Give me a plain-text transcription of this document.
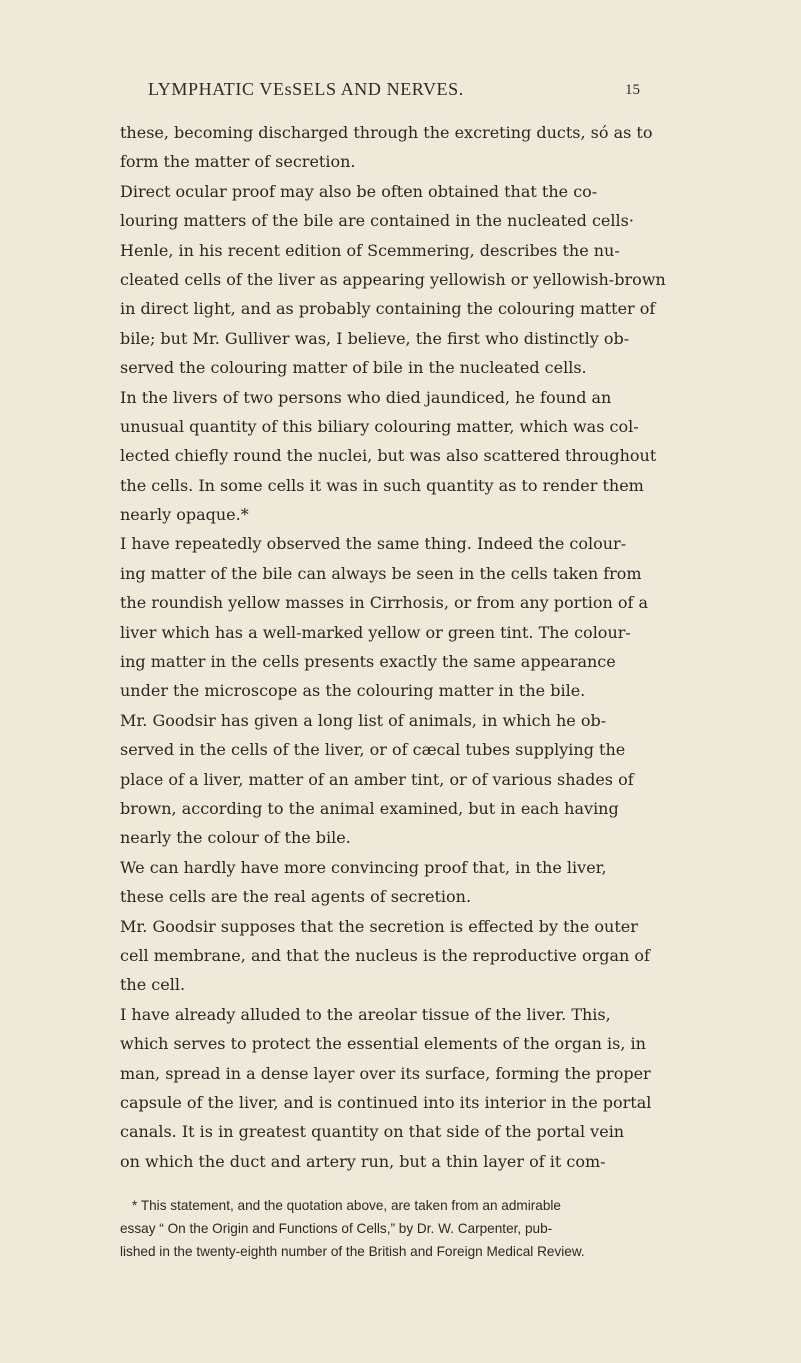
LYMPHATIC VEsSELS AND NERVES.	15
these, becoming discharged through the excreting ducts, só as to
form the matter of secretion.
Direct ocular proof may also be often obtained that the co-
louring matters of the bile are contained in the nucleated cells·
Henle, in his recent edition of Scemmering, describes the nu-
cleated cells of the liver as appearing yellowish or yellowish-brown
in direct light, and as probably containing the colouring matter of
bile; but Mr. Gulliver was, I believe, the first who distinctly ob-
served the colouring matter of bile in the nucleated cells.
In the livers of two persons who died jaundiced, he found an
unusual quantity of this biliary colouring matter, which was col-
lected chiefly round the nuclei, but was also scattered throughout
the cells. In some cells it was in such quantity as to render them
nearly opaque.*
I have repeatedly observed the same thing. Indeed the colour-
ing matter of the bile can always be seen in the cells taken from
the roundish yellow masses in Cirrhosis, or from any portion of a
liver which has a well-marked yellow or green tint. The colour-
ing matter in the cells presents exactly the same appearance
under the microscope as the colouring matter in the bile.
Mr. Goodsir has given a long list of animals, in which he ob-
served in the cells of the liver, or of cæcal tubes supplying the
place of a liver, matter of an amber tint, or of various shades of
brown, according to the animal examined, but in each having
nearly the colour of the bile.
We can hardly have more convincing proof that, in the liver,
these cells are the real agents of secretion.
Mr. Goodsir supposes that the secretion is effected by the outer
cell membrane, and that the nucleus is the reproductive organ of
the cell.
I have already alluded to the areolar tissue of the liver. This,
which serves to protect the essential elements of the organ is, in
man, spread in a dense layer over its surface, forming the proper
capsule of the liver, and is continued into its interior in the portal
canals. It is in greatest quantity on that side of the portal vein
on which the duct and artery run, but a thin layer of it com-
* This statement, and the quotation above, are taken from an admirable
essay “ On the Origin and Functions of Cells,” by Dr. W. Carpenter, pub-
lished in the twenty-eighth number of the British and Foreign Medical Review.
